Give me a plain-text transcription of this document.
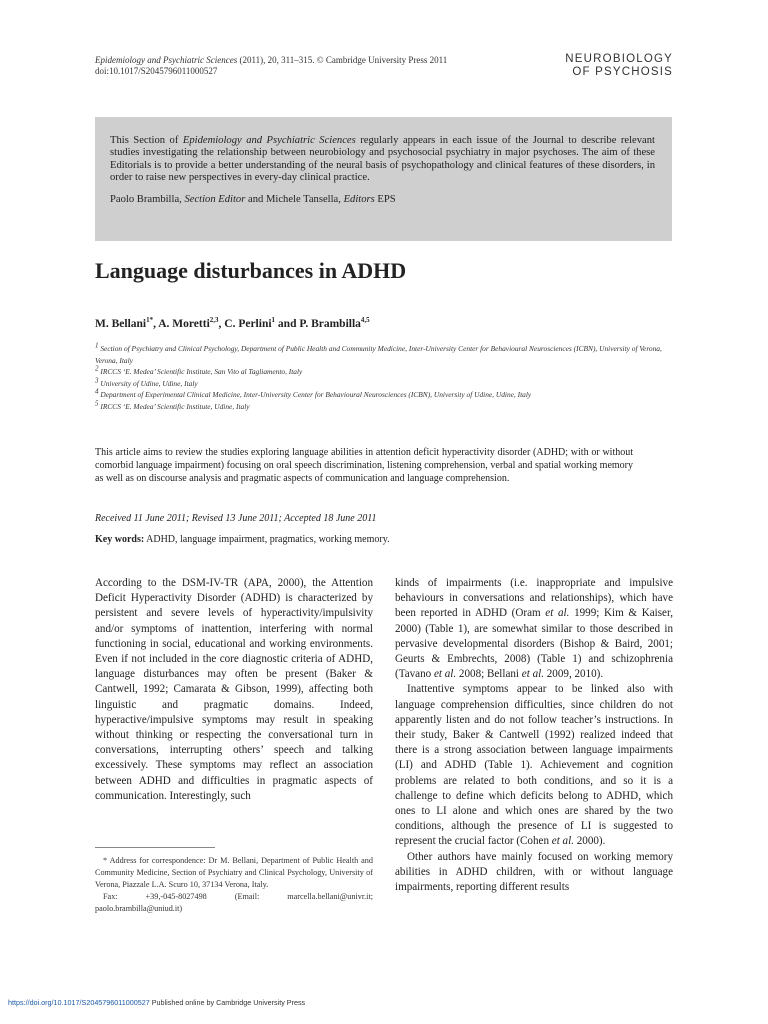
Epidemiology and Psychiatric Sciences (2011), 20, 311–315. © Cambridge University Press 2011
doi:10.1017/S2045796011000527
NEUROBIOLOGY
OF PSYCHOSIS
This Section of Epidemiology and Psychiatric Sciences regularly appears in each issue of the Journal to describe relevant studies investigating the relationship between neurobiology and psychosocial psychiatry in major psychoses. The aim of these Editorials is to provide a better understanding of the neural basis of psychopathology and clinical features of these disorders, in order to raise new perspectives in every-day clinical practice.
Paolo Brambilla, Section Editor and Michele Tansella, Editors EPS
Language disturbances in ADHD
M. Bellani$^{1*}$, A. Moretti$^{2,3}$, C. Perlini$^1$ and P. Brambilla$^{4,5}$
$^1$ Section of Psychiatry and Clinical Psychology, Department of Public Health and Community Medicine, Inter-University Center for Behavioural Neurosciences (ICBN), University of Verona, Verona, Italy
$^2$ IRCCS ‘E. Medea’ Scientific Institute, San Vito al Tagliamento, Italy
$^3$ University of Udine, Udine, Italy
$^4$ Department of Experimental Clinical Medicine, Inter-University Center for Behavioural Neurosciences (ICBN), University of Udine, Udine, Italy
$^5$ IRCCS ‘E. Medea’ Scientific Institute, Udine, Italy
This article aims to review the studies exploring language abilities in attention deficit hyperactivity disorder (ADHD; with or without comorbid language impairment) focusing on oral speech discrimination, listening comprehension, verbal and spatial working memory as well as on discourse analysis and pragmatic aspects of communication and language comprehension.
Received 11 June 2011; Revised 13 June 2011; Accepted 18 June 2011
Key words: ADHD, language impairment, pragmatics, working memory.

According to the DSM-IV-TR (APA, 2000), the Attention Deficit Hyperactivity Disorder (ADHD) is characterized by persistent and severe levels of hyperactivity/impulsivity and/or symptoms of inattention, interfering with normal functioning in social, educational and working environments. Even if not included in the core diagnostic criteria of ADHD, language disturbances may often be present (Baker & Cantwell, 1992; Camarata & Gibson, 1999), affecting both linguistic and pragmatic domains. Indeed, hyperactive/impulsive symptoms may result in speaking without thinking or respecting the conversational turn in conversations, interrupting others’ speech and talking excessively. These symptoms may reflect an association between ADHD and difficulties in pragmatic aspects of communication. Interestingly, such

kinds of impairments (i.e. inappropriate and impulsive behaviours in conversations and relationships), which have been reported in ADHD (Oram et al. 1999; Kim & Kaiser, 2000) (Table 1), are somewhat similar to those described in pervasive developmental disorders (Bishop & Baird, 2001; Geurts & Embrechts, 2008) (Table 1) and schizophrenia (Tavano et al. 2008; Bellani et al. 2009, 2010).

Inattentive symptoms appear to be linked also with language comprehension difficulties, since children do not apparently listen and do not follow teacher’s instructions. In their study, Baker & Cantwell (1992) realized indeed that there is a strong association between language impairments (LI) and ADHD (Table 1). Achievement and cognition problems are related to both conditions, and so it is a challenge to define which deficits belong to ADHD, which ones to LI alone and which ones are shared by the two conditions, although the presence of LI is suggested to represent the crucial factor (Cohen et al. 2000).

Other authors have mainly focused on working memory abilities in ADHD children, with or without language impairments, reporting different results

* Address for correspondence: Dr M. Bellani, Department of Public Health and Community Medicine, Section of Psychiatry and Clinical Psychology, University of Verona, Piazzale L.A. Scuro 10, 37134 Verona, Italy.
Fax: +39,-045-8027498 (Email: marcella.bellani@univr.it; paolo.brambilla@uniud.it)
https://doi.org/10.1017/S2045796011000527 Published online by Cambridge University Press
